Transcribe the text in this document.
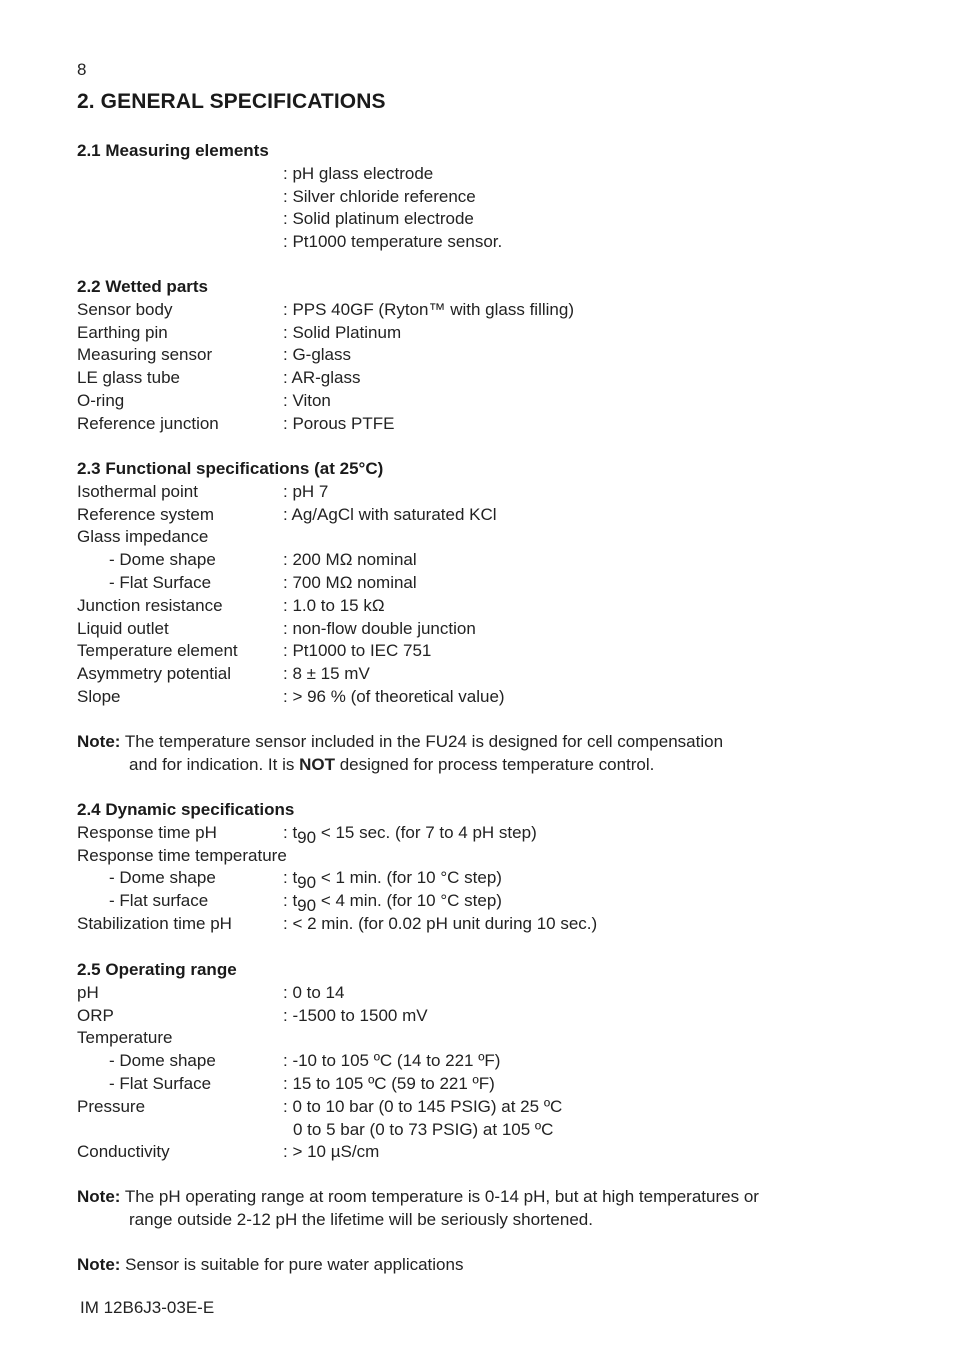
8
2. GENERAL SPECIFICATIONS
2.1 Measuring elements
: pH glass electrode
: Silver chloride reference
: Solid platinum electrode
: Pt1000 temperature sensor.
2.2 Wetted parts
Sensor body	: PPS 40GF (Ryton™ with glass filling)
Earthing pin	: Solid Platinum
Measuring sensor	: G-glass
LE glass tube	: AR-glass
O-ring	: Viton
Reference junction	: Porous PTFE
2.3 Functional specifications (at 25°C)
Isothermal point	: pH 7
Reference system	: Ag/AgCl with saturated KCl
Glass impedance
- Dome shape	: 200 MΩ nominal
- Flat Surface	: 700 MΩ nominal
Junction resistance	: 1.0 to 15 kΩ
Liquid outlet	: non-flow double junction
Temperature element	: Pt1000 to IEC 751
Asymmetry potential	: 8 ± 15 mV
Slope	: > 96 % (of theoretical value)
Note: The temperature sensor included in the FU24 is designed for cell compensation
and for indication. It is NOT designed for process temperature control.
2.4 Dynamic specifications
Response time pH	: $t_{90} < 15$ sec. (for 7 to 4 pH step)
Response time temperature
- Dome shape	: $t_{90} < 1$ min. (for 10 °C step)
- Flat surface	: $t_{90} < 4$ min. (for 10 °C step)
Stabilization time pH	: < 2 min. (for 0.02 pH unit during 10 sec.)
2.5 Operating range
pH	: 0 to 14
ORP	: -1500 to 1500 mV
Temperature
- Dome shape	: -10 to 105 ºC (14 to 221 ºF)
- Flat Surface	: 15 to 105 ºC (59 to 221 ºF)
Pressure	: 0 to 10 bar (0 to 145 PSIG) at 25 ºC
0 to 5 bar (0 to 73 PSIG) at 105 ºC
Conductivity	: > 10 µS/cm
Note: The pH operating range at room temperature is 0-14 pH, but at high temperatures or
range outside 2-12 pH the lifetime will be seriously shortened.
Note: Sensor is suitable for pure water applications
IM 12B6J3-03E-E
